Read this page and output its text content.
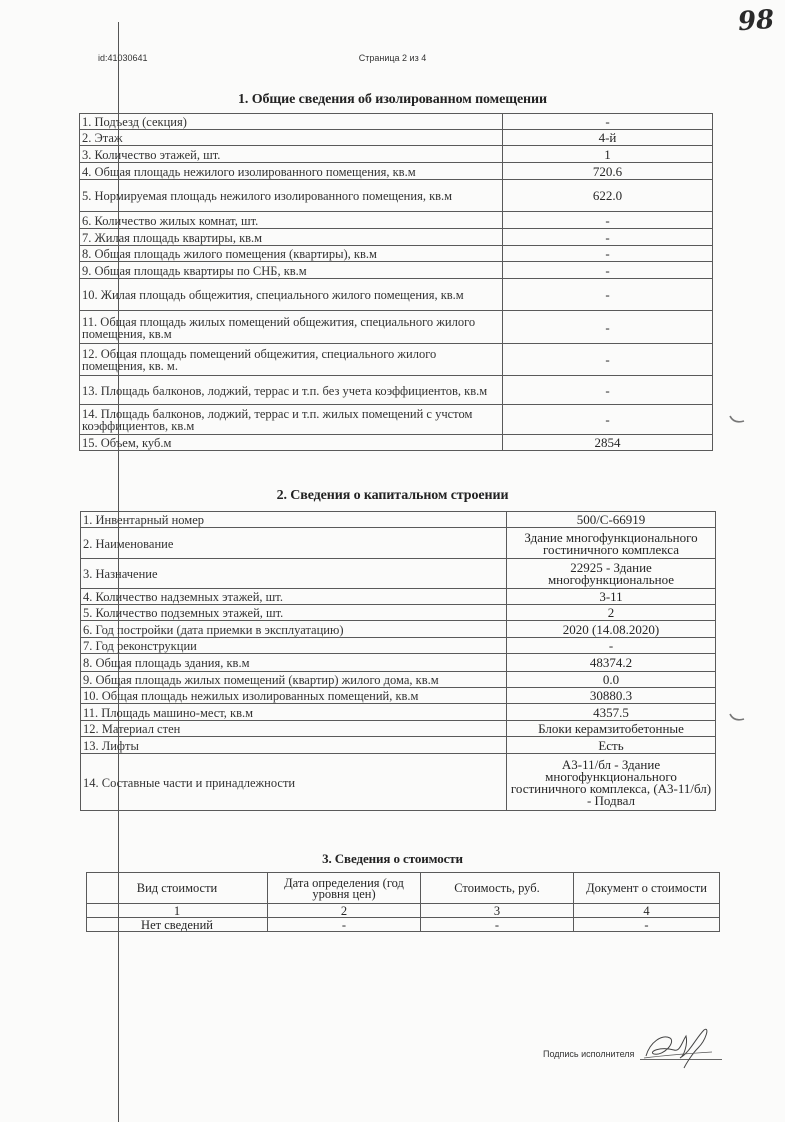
98
id:41030641	Страница 2 из 4
1. Общие сведения об изолированном помещении
1. Подъезд (секция)	-
2. Этаж	4-й
3. Количество этажей, шт.	1
4. Общая площадь нежилого изолированного помещения, кв.м	720.6
5. Нормируемая площадь нежилого изолированного помещения, кв.м	622.0
6. Количество жилых комнат, шт.	-
7. Жилая площадь квартиры, кв.м	-
8. Общая площадь жилого помещения (квартиры), кв.м	-
9. Общая площадь квартиры по СНБ, кв.м	-
10. Жилая площадь общежития, специального жилого помещения, кв.м	-
11. Общая площадь жилых помещений общежития, специального жилого помещения, кв.м	-
12. Общая площадь помещений общежития, специального жилого помещения, кв. м.	-
13. Площадь балконов, лоджий, террас и т.п. без учета коэффициентов, кв.м	-
14. Площадь балконов, лоджий, террас и т.п. жилых помещений с учстом коэффициентов, кв.м	-
15. Объем, куб.м	2854
2. Сведения о капитальном строении
1. Инвентарный номер	500/С-66919
2. Наименование	Здание многофункционального гостиничного комплекса
3. Назначение	22925 - Здание многофункциональное
4. Количество надземных этажей, шт.	3-11
5. Количество подземных этажей, шт.	2
6. Год постройки (дата приемки в эксплуатацию)	2020 (14.08.2020)
7. Год реконструкции	-
8. Общая площадь здания, кв.м	48374.2
9. Общая площадь жилых помещений (квартир) жилого дома, кв.м	0.0
10. Общая площадь нежилых изолированных помещений, кв.м	30880.3
11. Площадь машино-мест, кв.м	4357.5
12. Материал стен	Блоки керамзитобетонные
13. Лифты	Есть
14. Составные части и принадлежности	А3-11/бл - Здание многофункционального гостиничного комплекса, (А3-11/бл) - Подвал
3. Сведения о стоимости
Вид стоимости	Дата определения (год уровня цен)	Стоимость, руб.	Документ о стоимости
1	2	3	4
Нет сведений	-	-	-
Подпись исполнителя
